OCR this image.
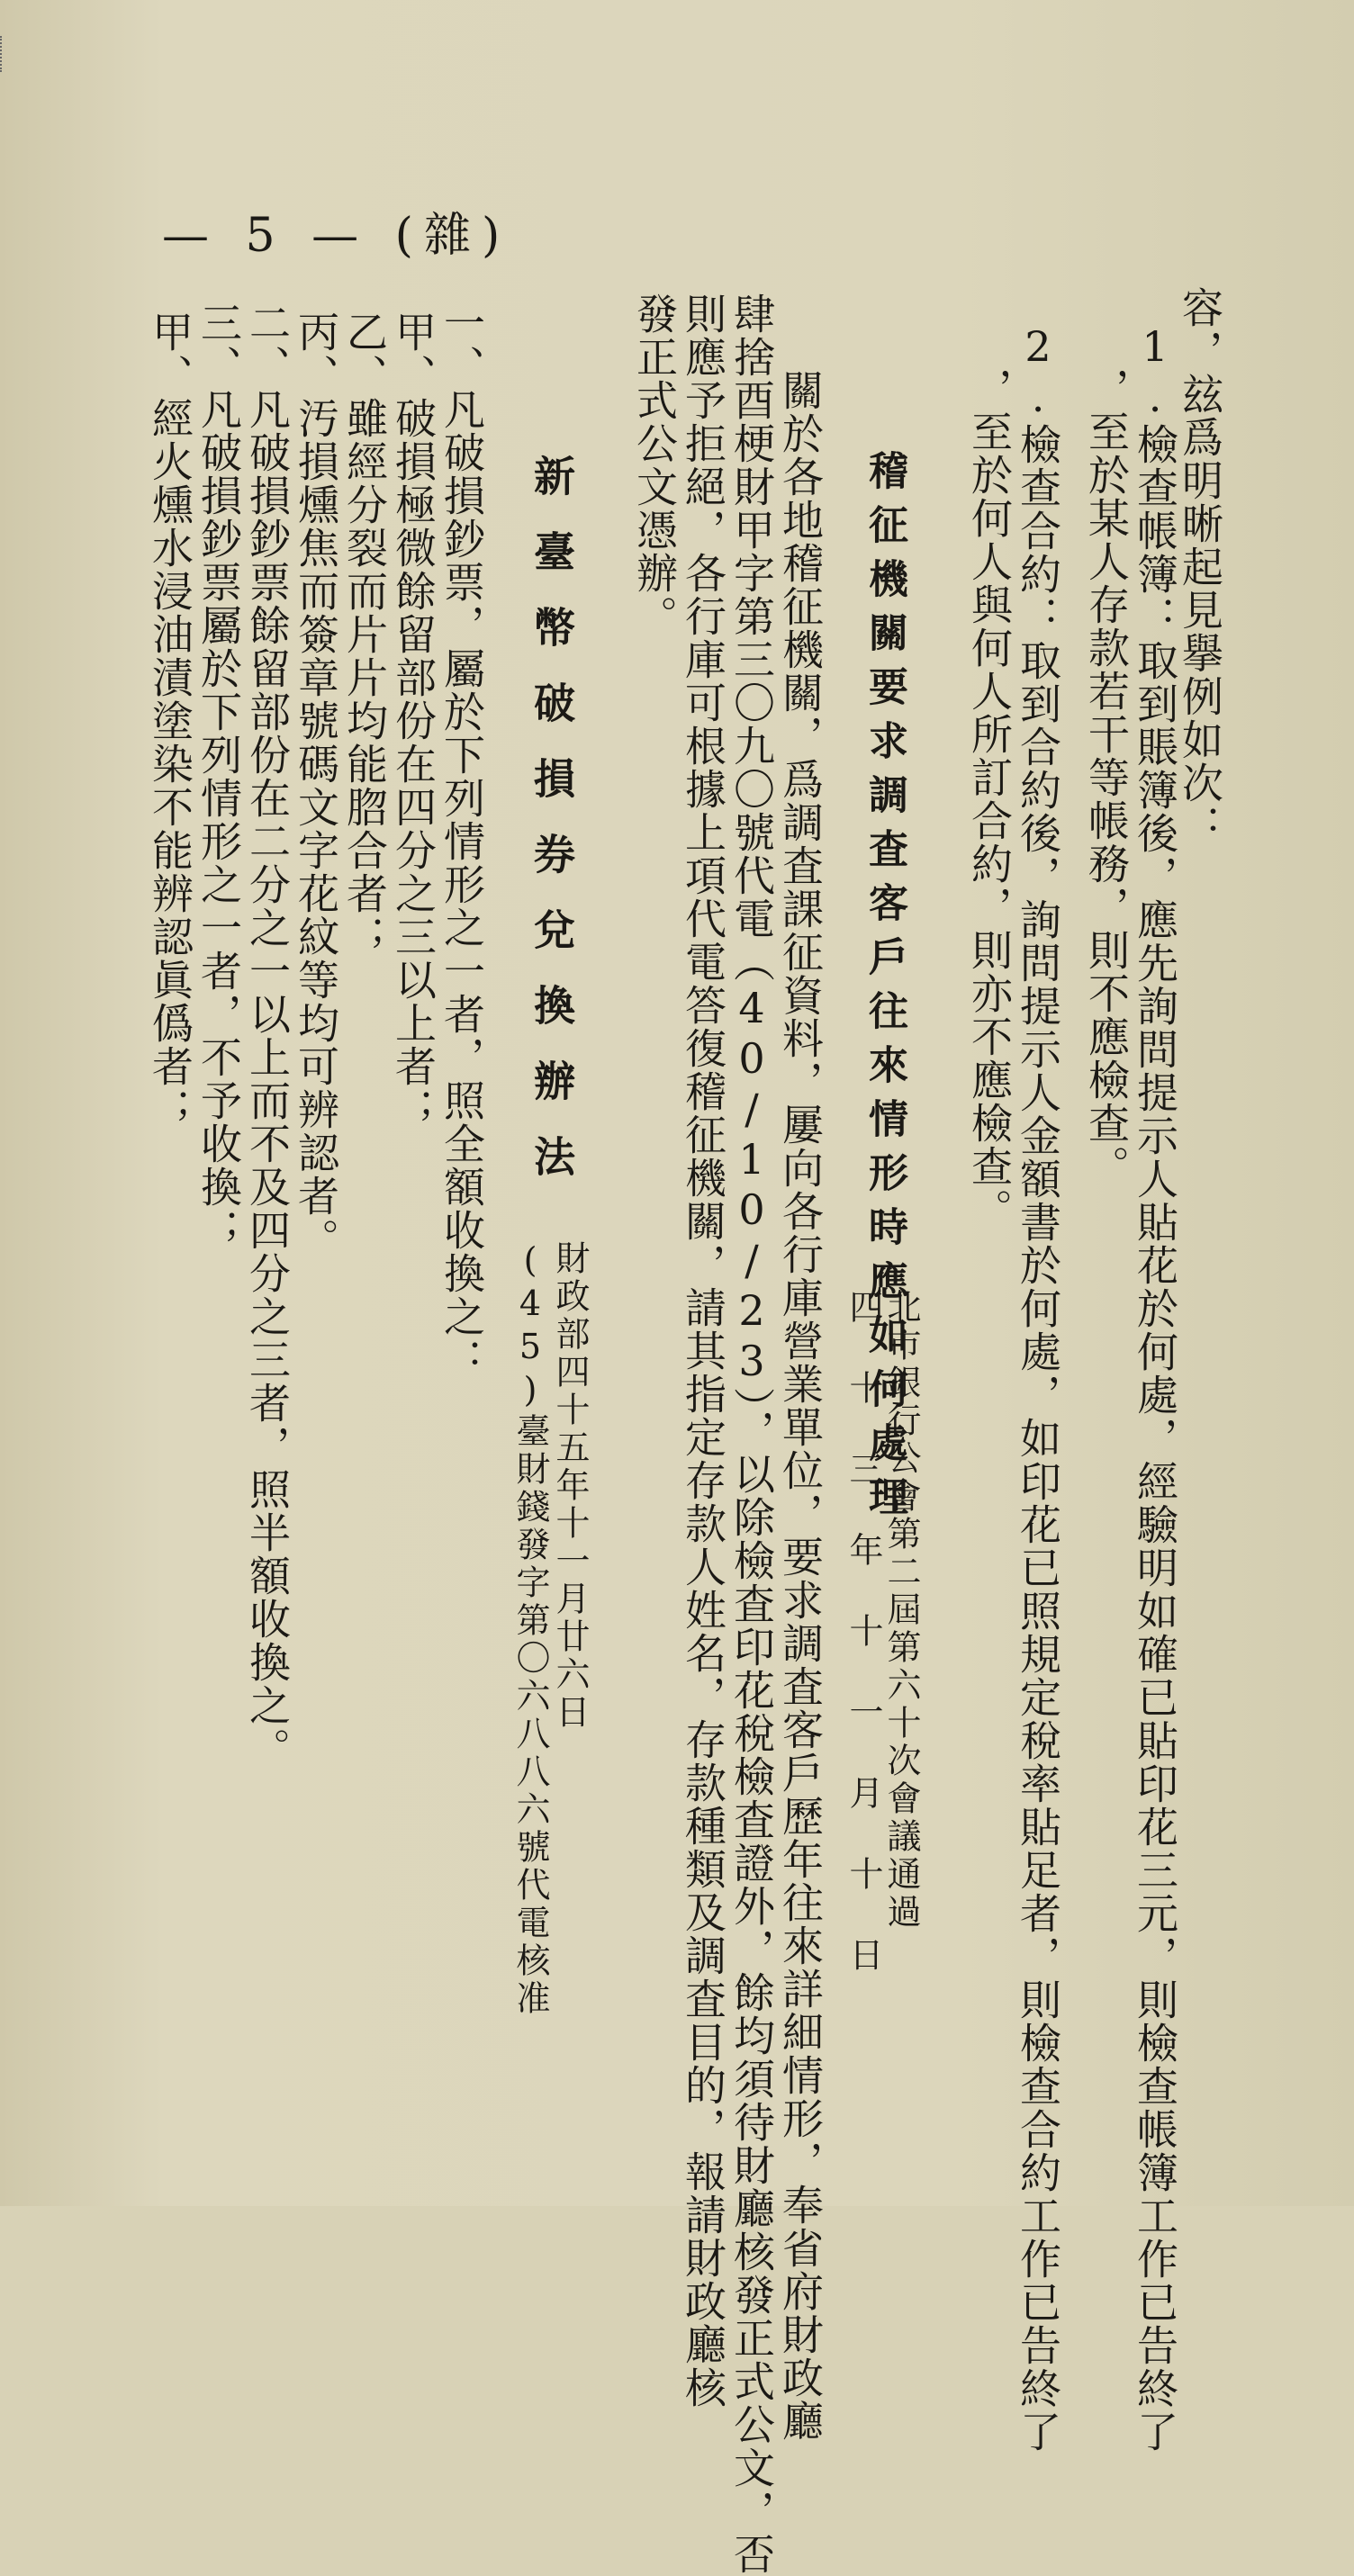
— 5 — (雜)
容，玆爲明晰起見擧例如次：
1.檢查帳簿：取到賬簿後，應先詢問提示人貼花於何處，經驗明如確已貼印花三元，則檢查帳簿工作已告終了
，至於某人存款若干等帳務，則不應檢查。
2.檢查合約：取到合約後，詢問提示人金額書於何處，如印花已照規定稅率貼足者，則檢查合約工作已告終了
，至於何人與何人所訂合約，則亦不應檢查。
稽征機關要求調査客戶往來情形時應如何處理
北市銀行公會第二屆第六十次會議通過
四 十 三 年 十 一 月 十 日
關於各地稽征機關，爲調査課征資料，屢向各行庫營業單位，要求調査客戶歷年往來詳細情形，奉省府財政廳
肆捨酉梗財甲字第三〇九〇號代電（40/10/23），以除檢査印花稅檢査證外，餘均須待財廳核發正式公文，否
則應予拒絕，各行庫可根據上項代電答復稽征機關，請其指定存款人姓名，存款種類及調査目的，報請財政廳核
發正式公文憑辦。
新臺幣破損券兌換辦法
財政部四十五年十一月廿六日
(45)臺財錢發字第〇六八八六號代電核准
一、凡破損鈔票，屬於下列情形之一者，照全額收換之：
甲、破損極微餘留部份在四分之三以上者；
乙、雖經分裂而片片均能脗合者；
丙、汚損燻焦而簽章號碼文字花紋等均可辨認者。
二、凡破損鈔票餘留部份在二分之一以上而不及四分之三者，照半額收換之。
三、凡破損鈔票屬於下列情形之一者，不予收換；
甲、經火燻水浸油漬塗染不能辨認眞僞者；
